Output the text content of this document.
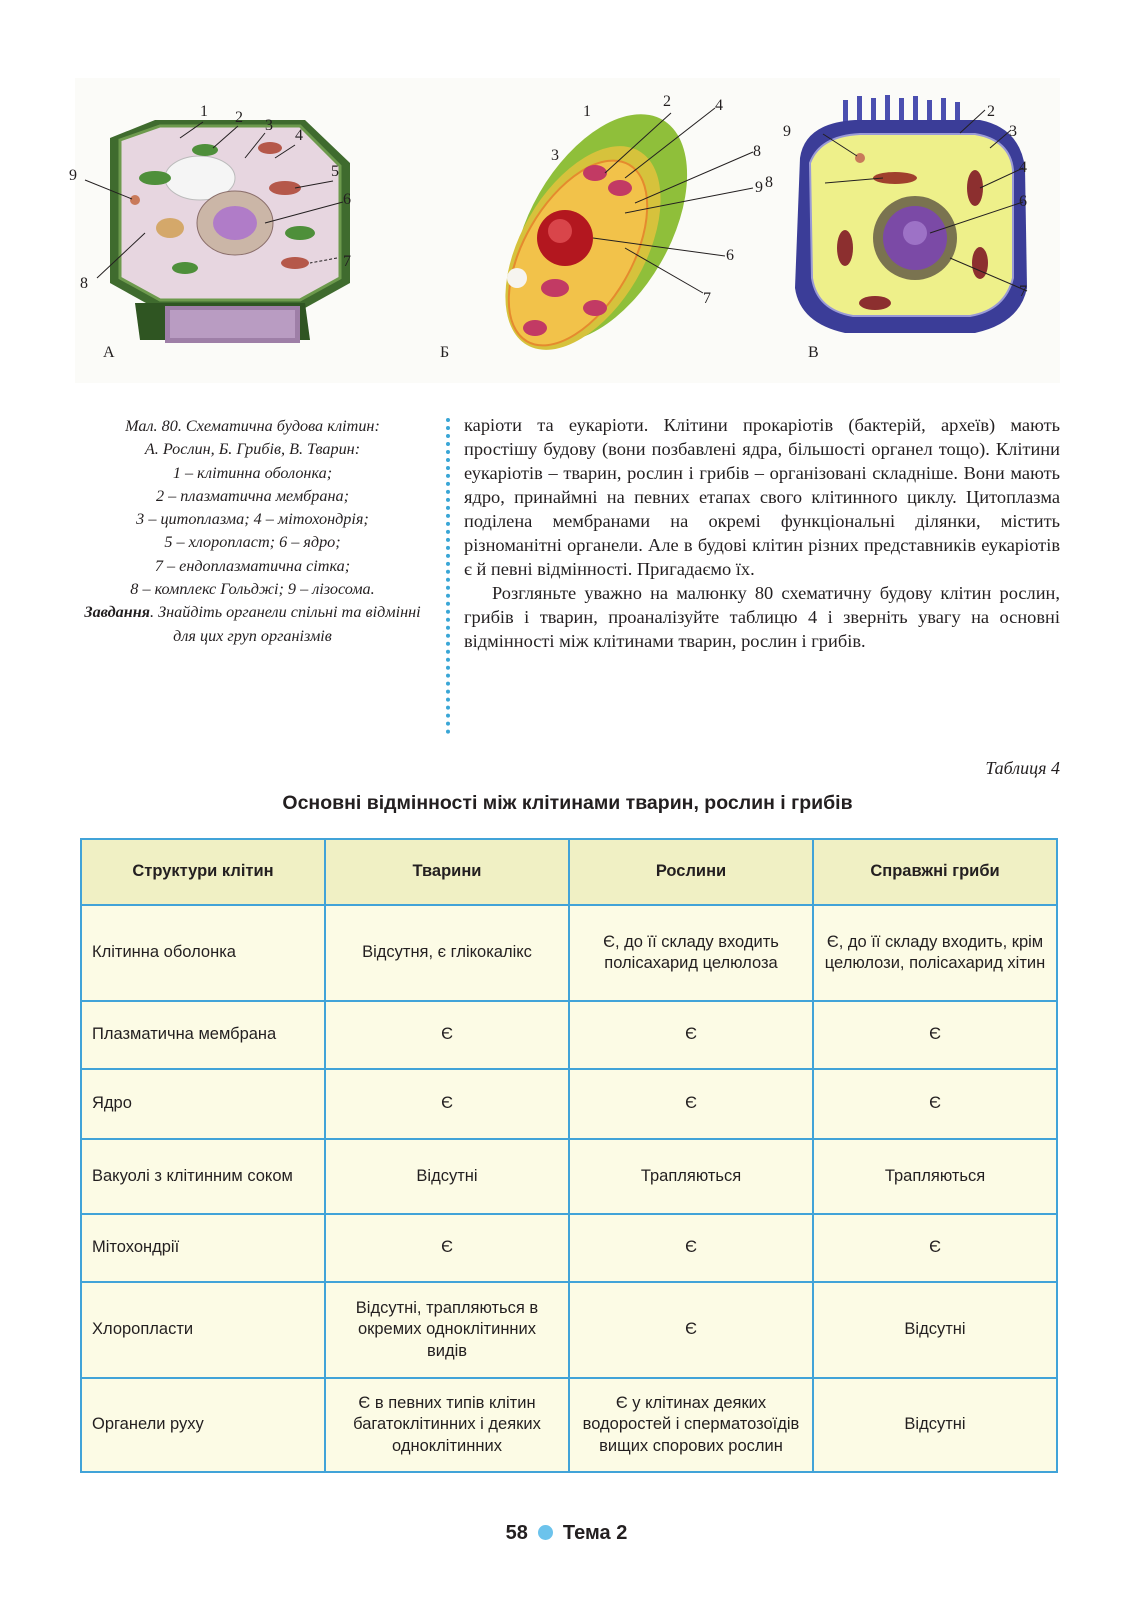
1 2 3
4
5
6
7
8
9
А
1
2
3
4
6
7
8
9
Б
2
3
4
6
7
8
9
В
Мал. 80. Схематична будова клітин:
А. Рослин, Б. Грибів, В. Тварин:
1 – клітинна оболонка;
2 – плазматична мембрана;
3 – цитоплазма; 4 – мітохондрія;
5 – хлоропласт; 6 – ядро;
7 – ендоплазматична сітка;
8 – комплекс Гольджі; 9 – лізосома.
Завдання. Знайдіть органели спільні та відмінні для цих груп організмів

каріоти та еукаріоти. Клітини прокаріотів (бактерій, археїв) мають простішу будову (вони позбавлені ядра, більшості органел тощо). Клітини еукаріотів – тварин, рослин і грибів – організовані складніше. Вони мають ядро, принаймні на певних етапах свого клітинного циклу. Цитоплазма поділена мембранами на окремі функціональні ділянки, містить різноманітні органели. Але в будові клітин різних представників еукаріотів є й певні відмінності. Пригадаємо їх.

Розгляньте уважно на малюнку 80 схематичну будову клітин рослин, грибів і тварин, проаналізуйте таблицю 4 і зверніть увагу на основні відмінності між клітинами тварин, рослин і грибів.

Таблиця 4
Основні відмінності між клітинами тварин, рослин і грибів
Структури клітин	Тварини	Рослини	Справжні гриби
Клітинна оболонка	Відсутня, є глікокалікс	Є, до її складу входить полісахарид целюлоза	Є, до її складу входить, крім целюлози, полісахарид хітин
Плазматична мембрана	Є	Є	Є
Ядро	Є	Є	Є
Вакуолі з клітинним соком	Відсутні	Трапляються	Трапляються
Мітохондрії	Є	Є	Є
Хлоропласти	Відсутні, трапляються в окремих одноклітинних видів	Є	Відсутні
Органели руху	Є в певних типів клітин багатоклітинних і деяких одноклітинних	Є у клітинах деяких водоростей і сперматозоїдів вищих спорових рослин	Відсутні
58 Тема 2
